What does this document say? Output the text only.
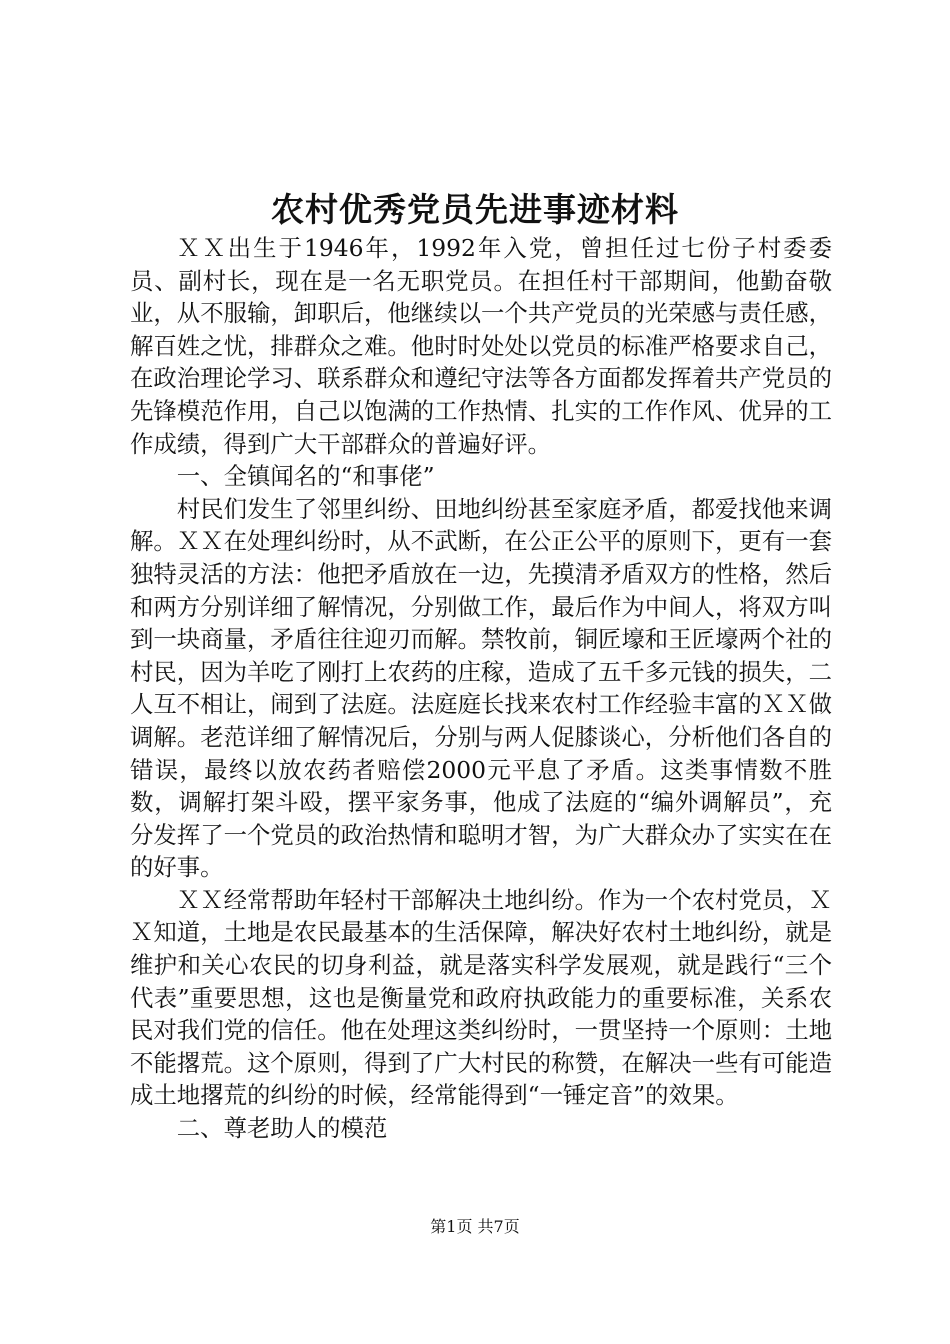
农村优秀党员先进事迹材料

ＸＸ出生于1946年，1992年入党，曾担任过七份子村委委员、副村长，现在是一名无职党员。在担任村干部期间，他勤奋敬业，从不服输，卸职后，他继续以一个共产党员的光荣感与责任感，解百姓之忧，排群众之难。他时时处处以党员的标准严格要求自己，在政治理论学习、联系群众和遵纪守法等各方面都发挥着共产党员的先锋模范作用，自己以饱满的工作热情、扎实的工作作风、优异的工作成绩，得到广大干部群众的普遍好评。

一、全镇闻名的“和事佬”

村民们发生了邻里纠纷、田地纠纷甚至家庭矛盾，都爱找他来调解。ＸＸ在处理纠纷时，从不武断，在公正公平的原则下，更有一套独特灵活的方法：他把矛盾放在一边，先摸清矛盾双方的性格，然后和两方分别详细了解情况，分别做工作，最后作为中间人，将双方叫到一块商量，矛盾往往迎刃而解。禁牧前，铜匠壕和王匠壕两个社的村民，因为羊吃了刚打上农药的庄稼，造成了五千多元钱的损失，二人互不相让，闹到了法庭。法庭庭长找来农村工作经验丰富的ＸＸ做调解。老范详细了解情况后，分别与两人促膝谈心，分析他们各自的错误，最终以放农药者赔偿2000元平息了矛盾。这类事情数不胜数，调解打架斗殴，摆平家务事，他成了法庭的“编外调解员”，充分发挥了一个党员的政治热情和聪明才智，为广大群众办了实实在在的好事。

ＸＸ经常帮助年轻村干部解决土地纠纷。作为一个农村党员，ＸＸ知道，土地是农民最基本的生活保障，解决好农村土地纠纷，就是维护和关心农民的切身利益，就是落实科学发展观，就是践行“三个代表”重要思想，这也是衡量党和政府执政能力的重要标准，关系农民对我们党的信任。他在处理这类纠纷时，一贯坚持一个原则：土地不能撂荒。这个原则，得到了广大村民的称赞，在解决一些有可能造成土地撂荒的纠纷的时候，经常能得到“一锤定音”的效果。

二、尊老助人的模范

第1页 共7页
